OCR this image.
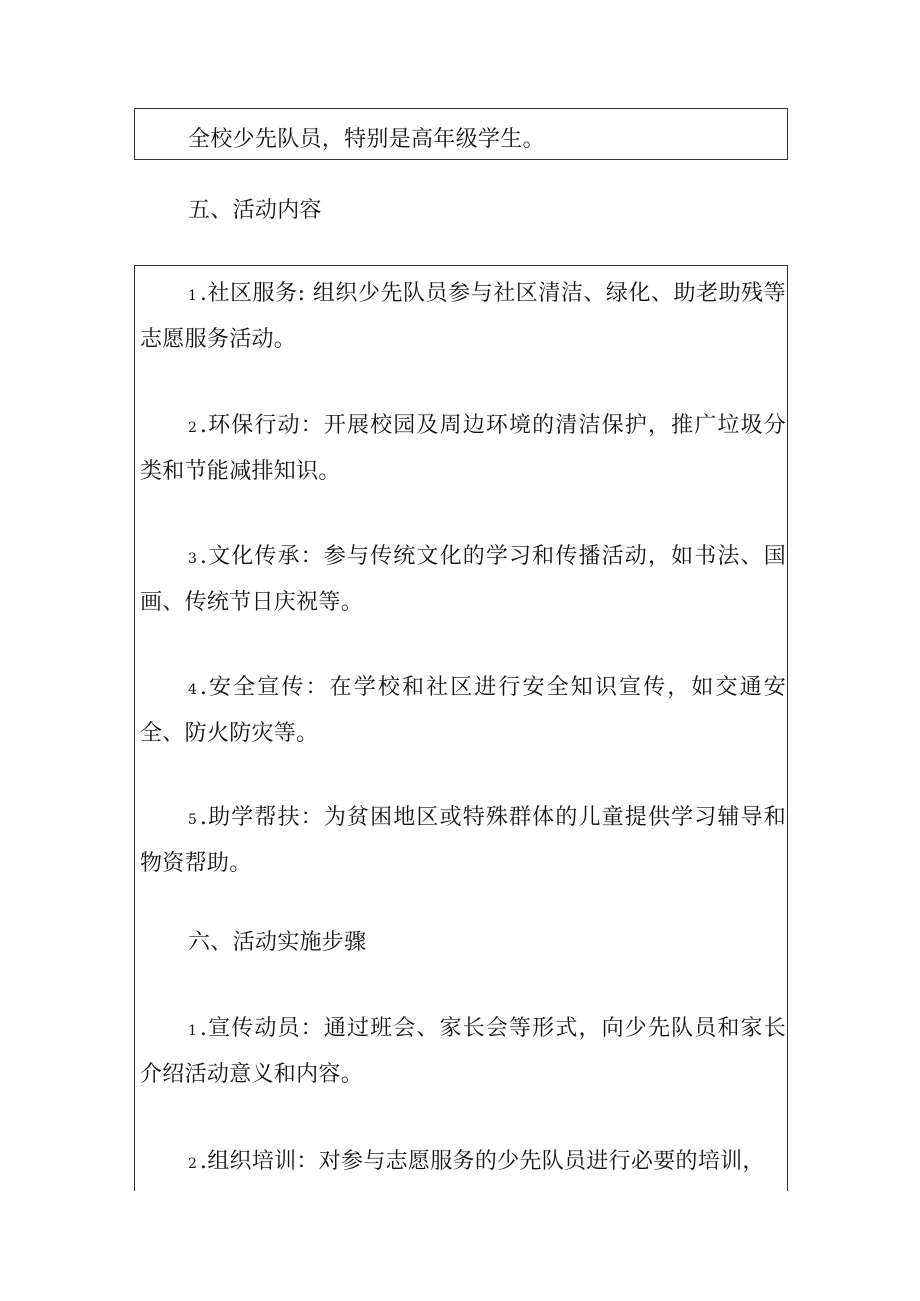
全校少先队员，特别是高年级学生。

五、活动内容

1.社区服务: 组织少先队员参与社区清洁、绿化、助老助残等志愿服务活动。

2.环保行动：开展校园及周边环境的清洁保护，推广垃圾分类和节能减排知识。

3.文化传承：参与传统文化的学习和传播活动，如书法、国画、传统节日庆祝等。

4.安全宣传：在学校和社区进行安全知识宣传，如交通安全、防火防灾等。

5.助学帮扶：为贫困地区或特殊群体的儿童提供学习辅导和物资帮助。

六、活动实施步骤

1.宣传动员：通过班会、家长会等形式，向少先队员和家长介绍活动意义和内容。

2.组织培训：对参与志愿服务的少先队员进行必要的培训，
